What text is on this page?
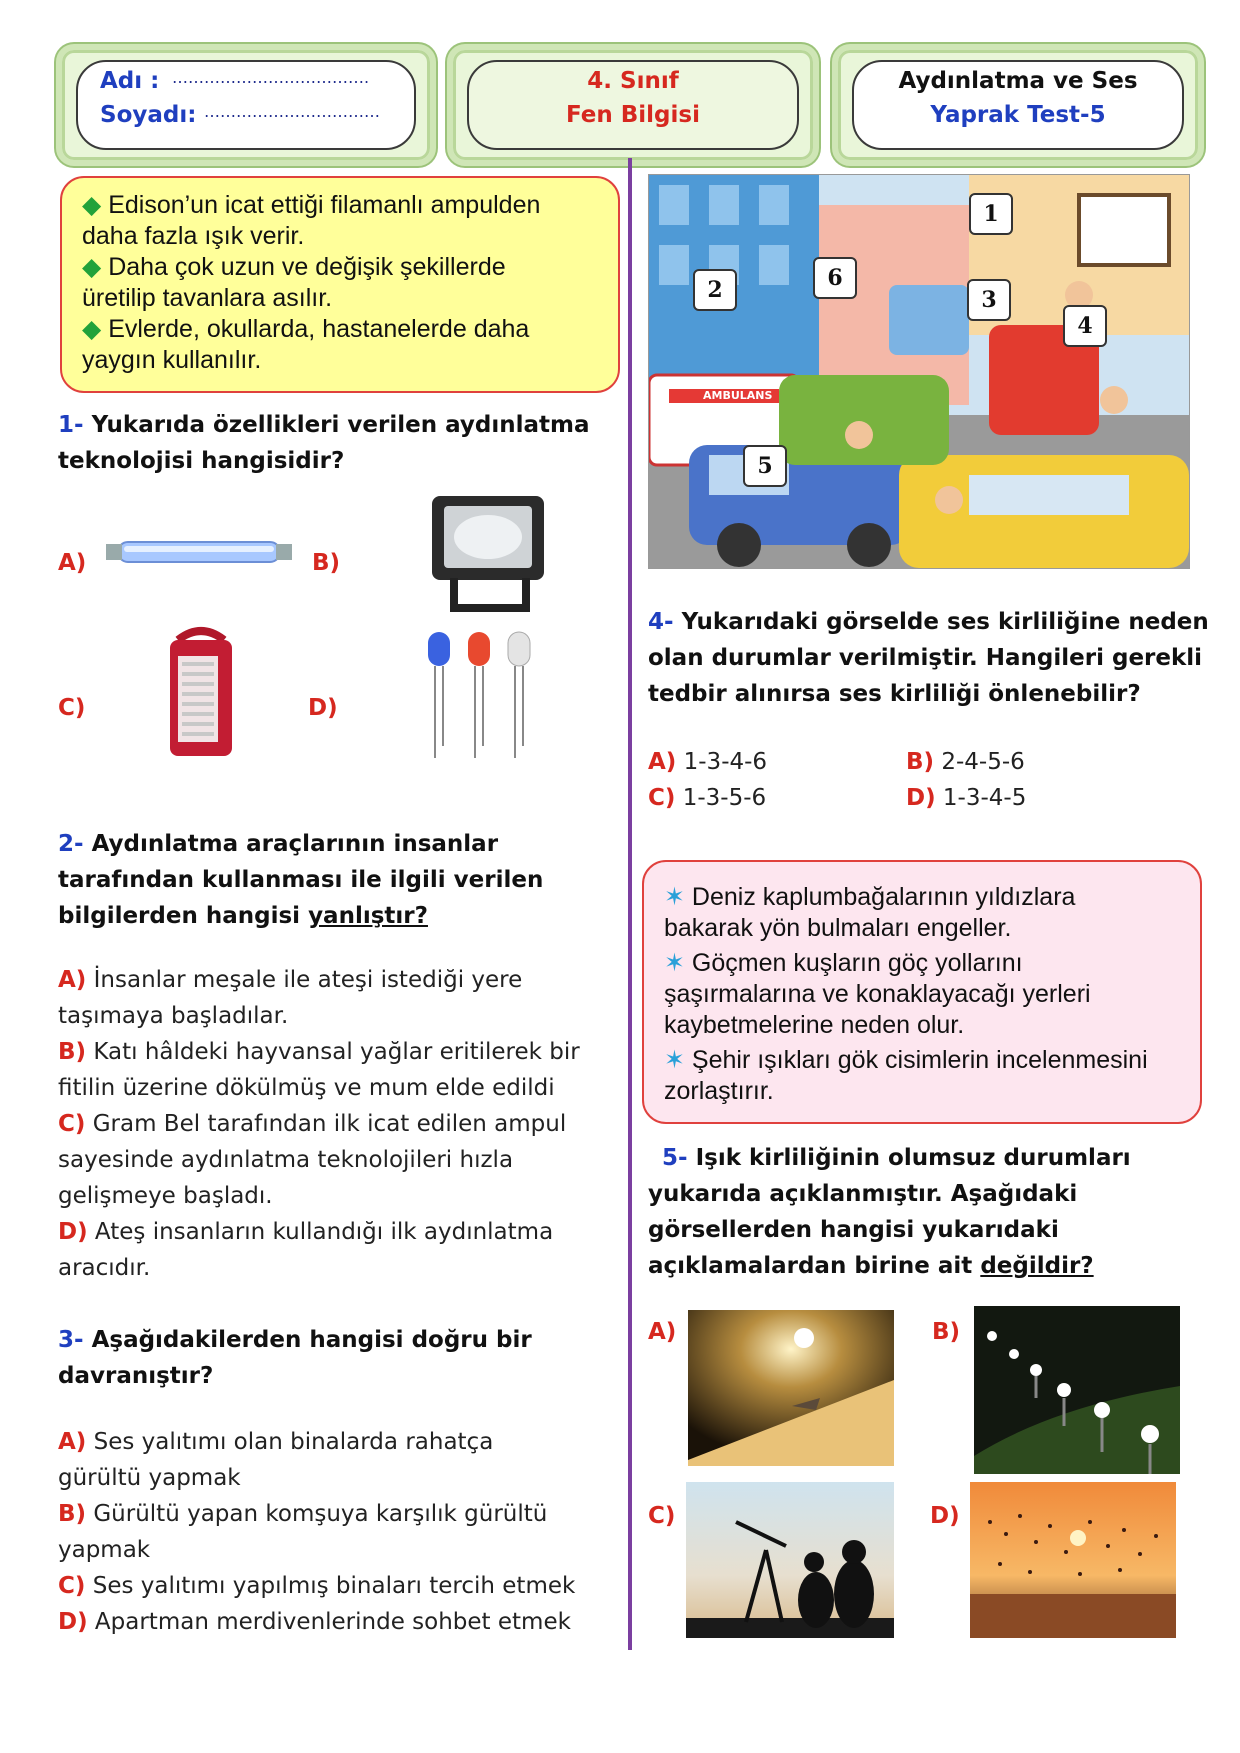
Adı : ……………………………….
Soyadı: ……………………………
4. Sınıf
Fen Bilgisi
Aydınlatma ve Ses
Yaprak Test-5
◆ Edison’un icat ettiği filamanlı ampulden
daha fazla ışık verir.
◆ Daha çok uzun ve değişik şekillerde
üretilip tavanlara asılır.
◆ Evlerde, okullarda, hastanelerde daha
yaygın kullanılır.
1- Yukarıda özellikleri verilen aydınlatma
teknolojisi hangisidir?
A)	B)
C)	D)
2- Aydınlatma araçlarının insanlar
tarafından kullanması ile ilgili verilen
bilgilerden hangisi yanlıştır?
A) İnsanlar meşale ile ateşi istediği yere
taşımaya başladılar.
B) Katı hâldeki hayvansal yağlar eritilerek bir
fitilin üzerine dökülmüş ve mum elde edildi
C) Gram Bel tarafından ilk icat edilen ampul
sayesinde aydınlatma teknolojileri hızla
gelişmeye başladı.
D) Ateş insanların kullandığı ilk aydınlatma
aracıdır.
3- Aşağıdakilerden hangisi doğru bir
davranıştır?
A) Ses yalıtımı olan binalarda rahatça
gürültü yapmak
B) Gürültü yapan komşuya karşılık gürültü
yapmak
C) Ses yalıtımı yapılmış binaları tercih etmek
D) Apartman merdivenlerinde sohbet etmek
AMBULANS
1
2	3
4
5
6
4- Yukarıdaki görselde ses kirliliğine neden
olan durumlar verilmiştir. Hangileri gerekli
tedbir alınırsa ses kirliliği önlenebilir?
A) 1-3-4-6	B) 2-4-5-6
C) 1-3-5-6	D) 1-3-4-5
✶ Deniz kaplumbağalarının yıldızlara
bakarak yön bulmaları engeller.
✶ Göçmen kuşların göç yollarını
şaşırmalarına ve konaklayacağı yerleri
kaybetmelerine neden olur.
✶ Şehir ışıkları gök cisimlerin incelenmesini
zorlaştırır.
5- Işık kirliliğinin olumsuz durumları
yukarıda açıklanmıştır. Aşağıdaki
görsellerden hangisi yukarıdaki
açıklamalardan birine ait değildir?
A)	B)
C)	D)
